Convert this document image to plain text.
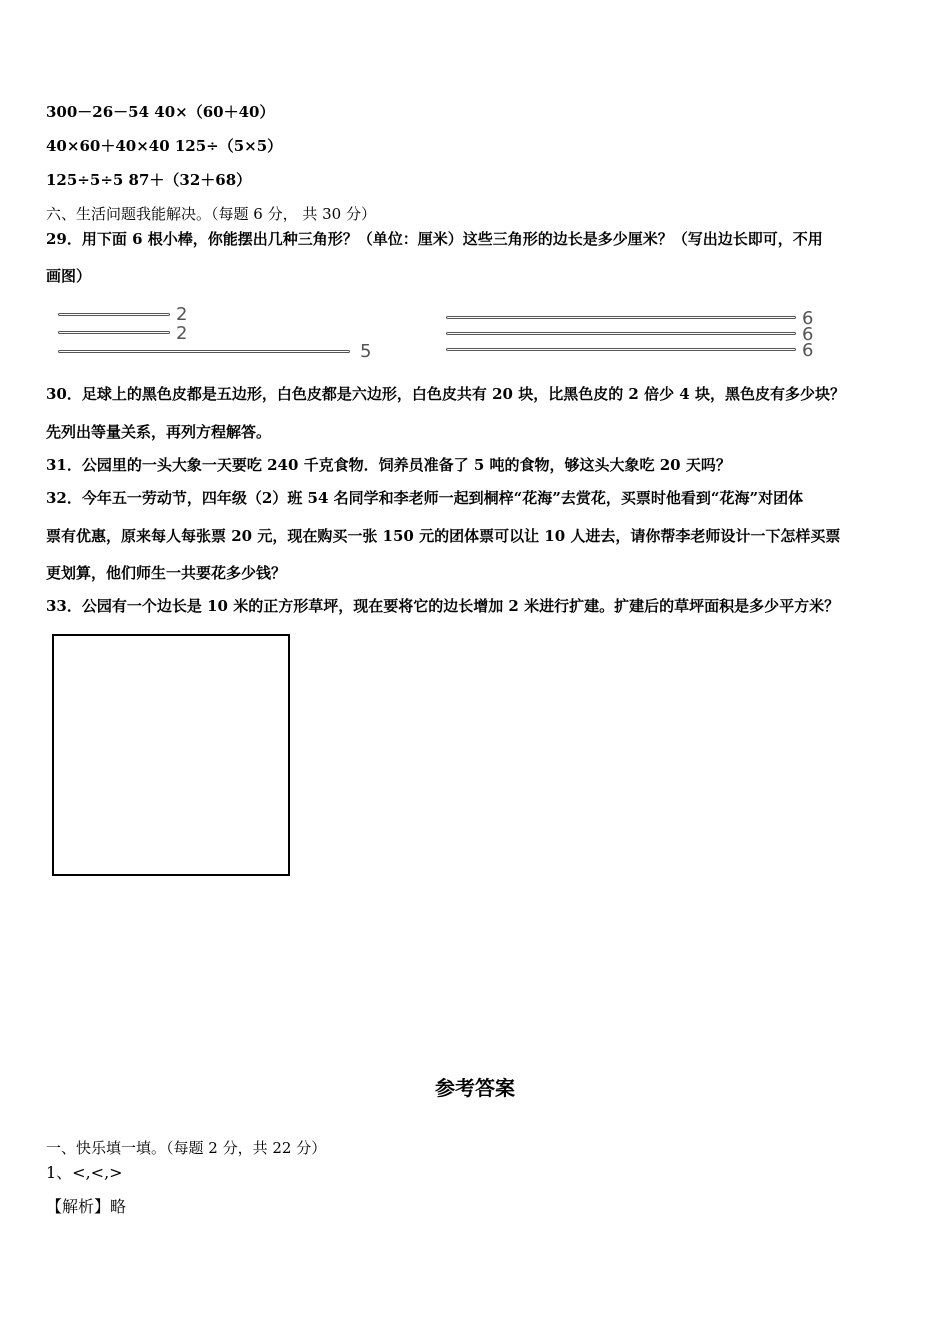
300－26－54 40×（60＋40）
40×60＋40×40 125÷（5×5）
125÷5÷5 87＋（32＋68）
六、生活问题我能解决。（每题 6 分， 共 30 分）
29．用下面 6 根小棒，你能摆出几种三角形？（单位：厘米）这些三角形的边长是多少厘米？（写出边长即可，不用
画图）
2
2
5
6
6
6
30．足球上的黑色皮都是五边形，白色皮都是六边形，白色皮共有 20 块，比黑色皮的 2 倍少 4 块，黑色皮有多少块？
先列出等量关系，再列方程解答。
31．公园里的一头大象一天要吃 240 千克食物．饲养员准备了 5 吨的食物，够这头大象吃 20 天吗？
32．今年五一劳动节，四年级（2）班 54 名同学和李老师一起到桐梓“花海”去赏花，买票时他看到“花海”对团体
票有优惠，原来每人每张票 20 元，现在购买一张 150 元的团体票可以让 10 人进去，请你帮李老师设计一下怎样买票
更划算，他们师生一共要花多少钱？
33．公园有一个边长是 10 米的正方形草坪，现在要将它的边长增加 2 米进行扩建。扩建后的草坪面积是多少平方米？
参考答案
一、快乐填一填。（每题 2 分，共 22 分）
1、<,<,>
【解析】略
